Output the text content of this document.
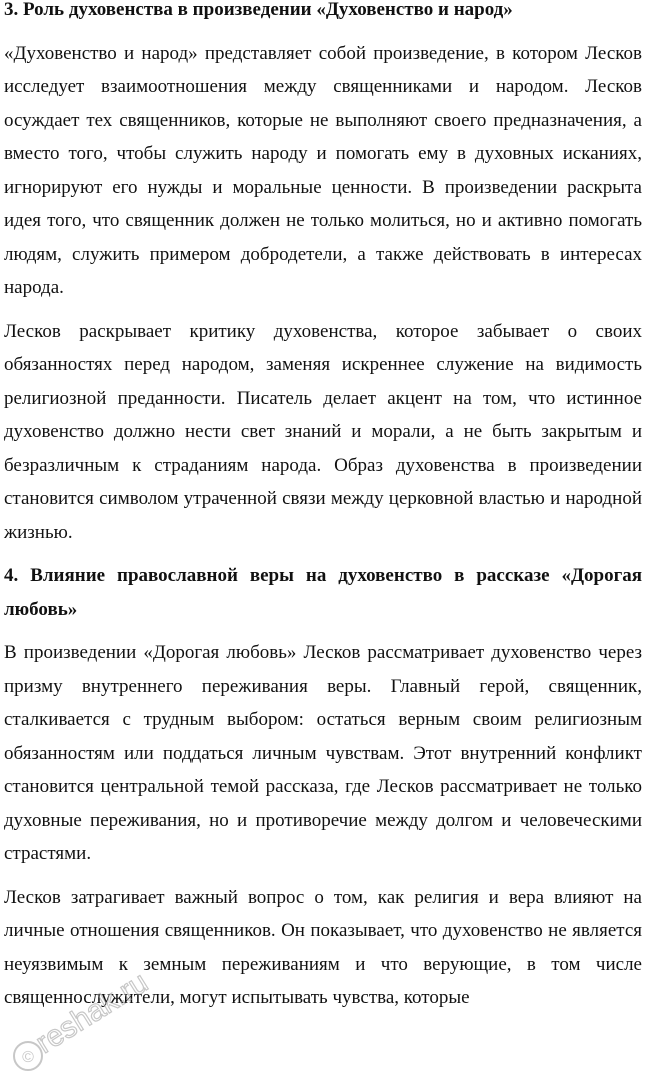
3. Роль духовенства в произведении «Духовенство и народ»

«Духовенство и народ» представляет собой произведение, в котором Лесков исследует взаимоотношения между священниками и народом. Лесков осуждает тех священников, которые не выполняют своего предназначения, а вместо того, чтобы служить народу и помогать ему в духовных исканиях, игнорируют его нужды и моральные ценности. В произведении раскрыта идея того, что священник должен не только молиться, но и активно помогать людям, служить примером добродетели, а также действовать в интересах народа.

Лесков раскрывает критику духовенства, которое забывает о своих обязанностях перед народом, заменяя искреннее служение на видимость религиозной преданности. Писатель делает акцент на том, что истинное духовенство должно нести свет знаний и морали, а не быть закрытым и безразличным к страданиям народа. Образ духовенства в произведении становится символом утраченной связи между церковной властью и народной жизнью.

4. Влияние православной веры на духовенство в рассказе «Дорогая любовь»

В произведении «Дорогая любовь» Лесков рассматривает духовенство через призму внутреннего переживания веры. Главный герой, священник, сталкивается с трудным выбором: остаться верным своим религиозным обязанностям или поддаться личным чувствам. Этот внутренний конфликт становится центральной темой рассказа, где Лесков рассматривает не только духовные переживания, но и противоречие между долгом и человеческими страстями.

Лесков затрагивает важный вопрос о том, как религия и вера влияют на личные отношения священников. Он показывает, что духовенство не является неуязвимым к земным переживаниям и что верующие, в том числе священнослужители, могут испытывать чувства, которые

©
reshak.ru
